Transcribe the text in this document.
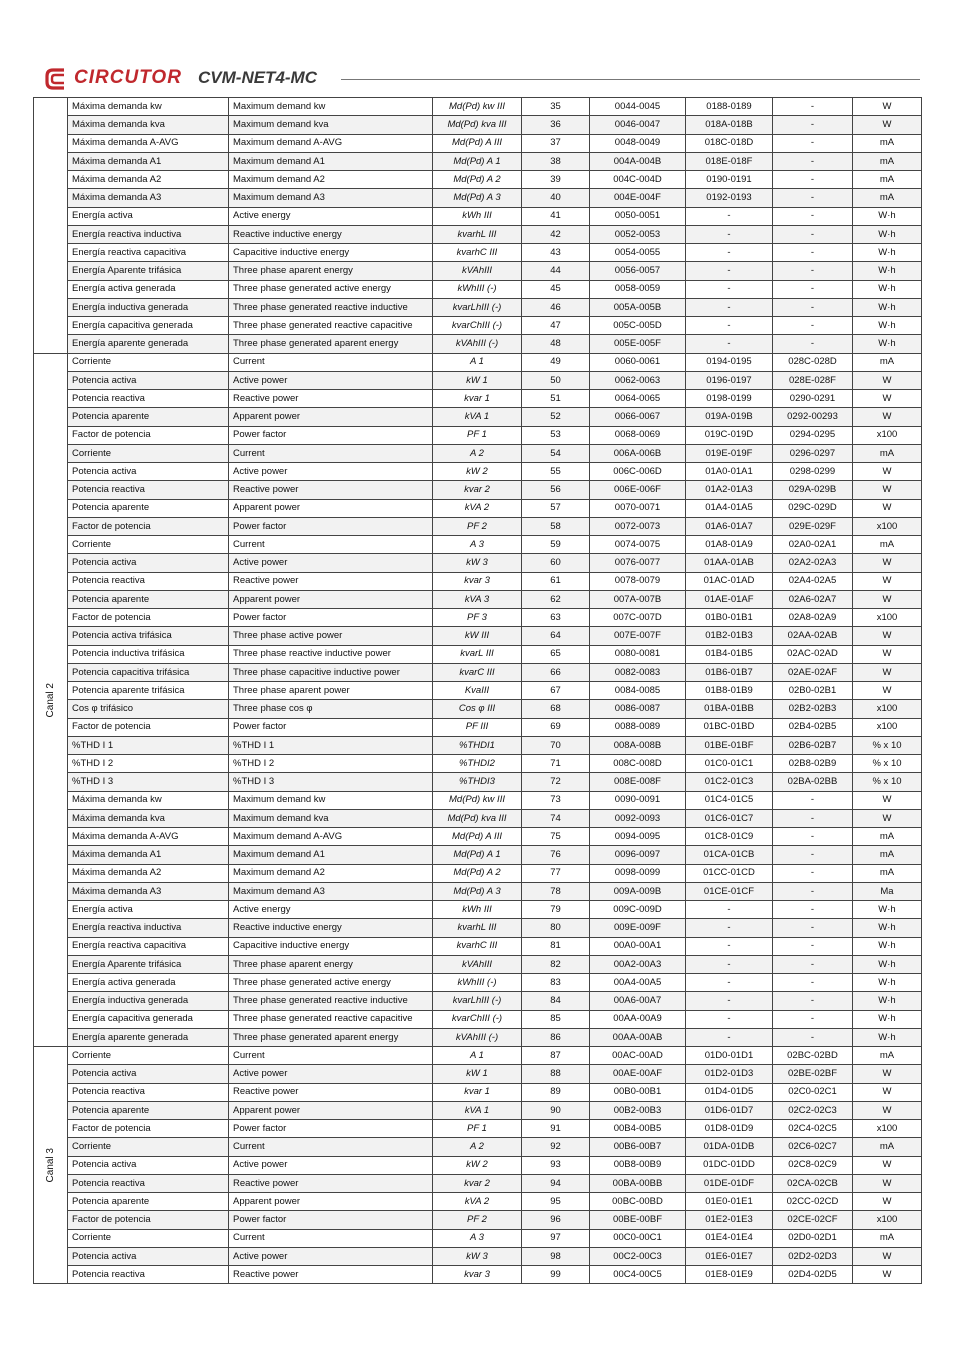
CIRCUTOR CVM-NET4-MC
	Máxima demanda kw	Maximum demand kw	Md(Pd) kw III	35	0044-0045	0188-0189	-	W
	Máxima demanda kva	Maximum demand kva	Md(Pd) kva III	36	0046-0047	018A-018B	-	W
	Máxima demanda A-AVG	Maximum demand A-AVG	Md(Pd) A III	37	0048-0049	018C-018D	-	mA
	Máxima demanda A1	Maximum demand A1	Md(Pd) A 1	38	004A-004B	018E-018F	-	mA
	Máxima demanda A2	Maximum demand A2	Md(Pd) A 2	39	004C-004D	0190-0191	-	mA
	Máxima demanda A3	Maximum demand A3	Md(Pd) A 3	40	004E-004F	0192-0193	-	mA
	Energía activa	Active energy	kWh III	41	0050-0051	-	-	W·h
	Energía reactiva inductiva	Reactive inductive energy	kvarhL III	42	0052-0053	-	-	W·h
	Energía reactiva capacitiva	Capacitive inductive energy	kvarhC III	43	0054-0055	-	-	W·h
	Energía Aparente trifásica	Three phase aparent energy	kVAhIII	44	0056-0057	-	-	W·h
	Energía activa generada	Three phase generated active energy	kWhIII (-)	45	0058-0059	-	-	W·h
	Energía inductiva generada	Three phase generated reactive inductive	kvarLhIII (-)	46	005A-005B	-	-	W·h
	Energía capacitiva generada	Three phase generated reactive capacitive	kvarChIII (-)	47	005C-005D	-	-	W·h
	Energía aparente generada	Three phase generated aparent energy	kVAhIII (-)	48	005E-005F	-	-	W·h

Canal 2	Corriente	Current	A 1	49	0060-0061	0194-0195	028C-028D	mA
	Potencia activa	Active power	kW 1	50	0062-0063	0196-0197	028E-028F	W
	Potencia reactiva	Reactive power	kvar 1	51	0064-0065	0198-0199	0290-0291	W
	Potencia aparente	Apparent power	kVA 1	52	0066-0067	019A-019B	0292-00293	W
	Factor de potencia	Power factor	PF 1	53	0068-0069	019C-019D	0294-0295	x100
	Corriente	Current	A 2	54	006A-006B	019E-019F	0296-0297	mA
	Potencia activa	Active power	kW 2	55	006C-006D	01A0-01A1	0298-0299	W
	Potencia reactiva	Reactive power	kvar 2	56	006E-006F	01A2-01A3	029A-029B	W
	Potencia aparente	Apparent power	kVA 2	57	0070-0071	01A4-01A5	029C-029D	W
	Factor de potencia	Power factor	PF 2	58	0072-0073	01A6-01A7	029E-029F	x100
	Corriente	Current	A 3	59	0074-0075	01A8-01A9	02A0-02A1	mA
	Potencia activa	Active power	kW 3	60	0076-0077	01AA-01AB	02A2-02A3	W
	Potencia reactiva	Reactive power	kvar 3	61	0078-0079	01AC-01AD	02A4-02A5	W
	Potencia aparente	Apparent power	kVA 3	62	007A-007B	01AE-01AF	02A6-02A7	W
	Factor de potencia	Power factor	PF 3	63	007C-007D	01B0-01B1	02A8-02A9	x100
	Potencia activa trifásica	Three phase active power	kW III	64	007E-007F	01B2-01B3	02AA-02AB	W
	Potencia inductiva trifásica	Three phase reactive inductive power	kvarL III	65	0080-0081	01B4-01B5	02AC-02AD	W
	Potencia capacitiva trifásica	Three phase capacitive inductive power	kvarC III	66	0082-0083	01B6-01B7	02AE-02AF	W
	Potencia aparente trifásica	Three phase aparent power	KvaIII	67	0084-0085	01B8-01B9	02B0-02B1	W
	Cos φ trifásico	Three phase cos φ	Cos φ III	68	0086-0087	01BA-01BB	02B2-02B3	x100
	Factor de potencia	Power factor	PF III	69	0088-0089	01BC-01BD	02B4-02B5	x100
	%THD I 1	%THD I 1	%THDI1	70	008A-008B	01BE-01BF	02B6-02B7	% x 10
	%THD I 2	%THD I 2	%THDI2	71	008C-008D	01C0-01C1	02B8-02B9	% x 10
	%THD I 3	%THD I 3	%THDI3	72	008E-008F	01C2-01C3	02BA-02BB	% x 10
	Máxima demanda kw	Maximum demand kw	Md(Pd) kw III	73	0090-0091	01C4-01C5	-	W
	Máxima demanda kva	Maximum demand kva	Md(Pd) kva III	74	0092-0093	01C6-01C7	-	W
	Máxima demanda A-AVG	Maximum demand A-AVG	Md(Pd) A III	75	0094-0095	01C8-01C9	-	mA
	Máxima demanda A1	Maximum demand A1	Md(Pd) A 1	76	0096-0097	01CA-01CB	-	mA
	Máxima demanda A2	Maximum demand A2	Md(Pd) A 2	77	0098-0099	01CC-01CD	-	mA
	Máxima demanda A3	Maximum demand A3	Md(Pd) A 3	78	009A-009B	01CE-01CF	-	Ma
	Energía activa	Active energy	kWh III	79	009C-009D	-	-	W·h
	Energía reactiva inductiva	Reactive inductive energy	kvarhL III	80	009E-009F	-	-	W·h
	Energía reactiva capacitiva	Capacitive inductive energy	kvarhC III	81	00A0-00A1	-	-	W·h
	Energía Aparente trifásica	Three phase aparent energy	kVAhIII	82	00A2-00A3	-	-	W·h
	Energía activa generada	Three phase generated active energy	kWhIII (-)	83	00A4-00A5	-	-	W·h
	Energía inductiva generada	Three phase generated reactive inductive	kvarLhIII (-)	84	00A6-00A7	-	-	W·h
	Energía capacitiva generada	Three phase generated reactive capacitive	kvarChIII (-)	85	00AA-00A9	-	-	W·h
	Energía aparente generada	Three phase generated aparent energy	kVAhIII (-)	86	00AA-00AB	-	-	W·h

Canal 3	Corriente	Current	A 1	87	00AC-00AD	01D0-01D1	02BC-02BD	mA
	Potencia activa	Active power	kW 1	88	00AE-00AF	01D2-01D3	02BE-02BF	W
	Potencia reactiva	Reactive power	kvar 1	89	00B0-00B1	01D4-01D5	02C0-02C1	W
	Potencia aparente	Apparent power	kVA 1	90	00B2-00B3	01D6-01D7	02C2-02C3	W
	Factor de potencia	Power factor	PF 1	91	00B4-00B5	01D8-01D9	02C4-02C5	x100
	Corriente	Current	A 2	92	00B6-00B7	01DA-01DB	02C6-02C7	mA
	Potencia activa	Active power	kW 2	93	00B8-00B9	01DC-01DD	02C8-02C9	W
	Potencia reactiva	Reactive power	kvar 2	94	00BA-00BB	01DE-01DF	02CA-02CB	W
	Potencia aparente	Apparent power	kVA 2	95	00BC-00BD	01E0-01E1	02CC-02CD	W
	Factor de potencia	Power factor	PF 2	96	00BE-00BF	01E2-01E3	02CE-02CF	x100
	Corriente	Current	A 3	97	00C0-00C1	01E4-01E4	02D0-02D1	mA
	Potencia activa	Active power	kW 3	98	00C2-00C3	01E6-01E7	02D2-02D3	W
	Potencia reactiva	Reactive power	kvar 3	99	00C4-00C5	01E8-01E9	02D4-02D5	W
